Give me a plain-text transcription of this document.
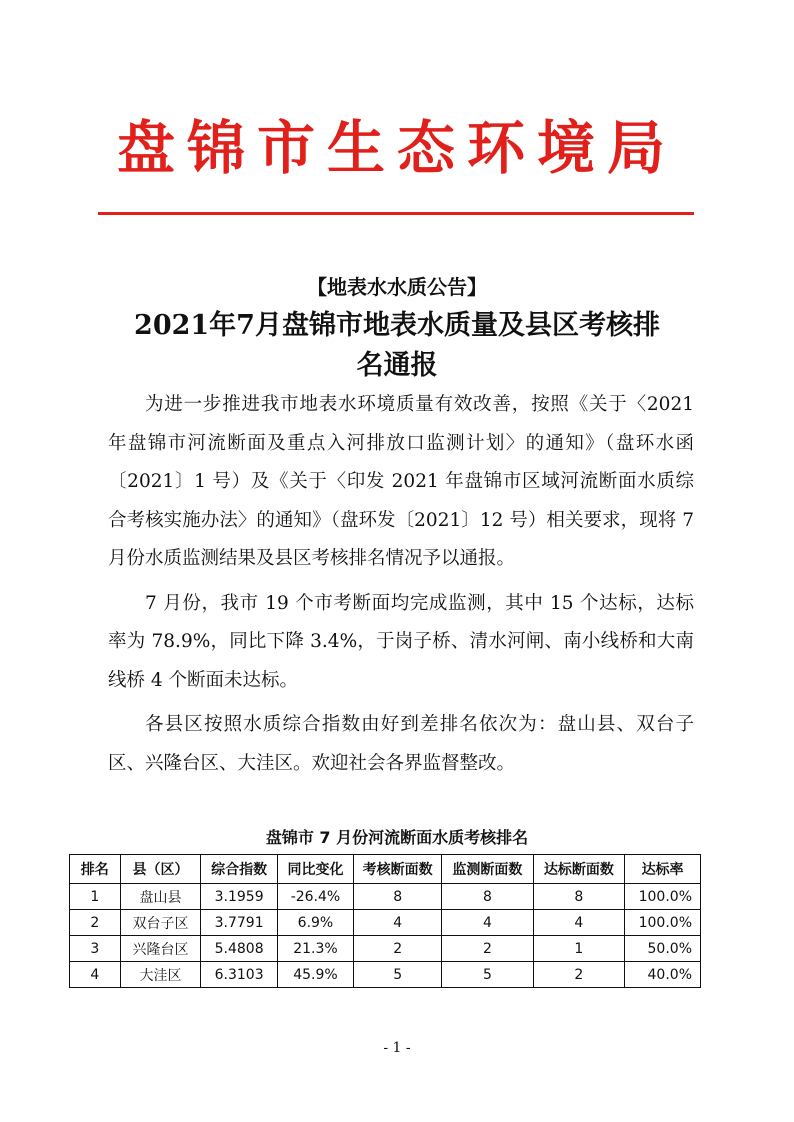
盘锦市生态环境局
【地表水水质公告】
2021年7月盘锦市地表水质量及县区考核排
名通报

为进一步推进我市地表水环境质量有效改善，按照《关于〈2021 年盘锦市河流断面及重点入河排放口监测计划〉的通知》（盘环水函〔2021〕1 号）及《关于〈印发 2021 年盘锦市区域河流断面水质综合考核实施办法〉的通知》（盘环发〔2021〕12 号）相关要求，现将 7 月份水质监测结果及县区考核排名情况予以通报。

7 月份，我市 19 个市考断面均完成监测，其中 15 个达标，达标率为 78.9%，同比下降 3.4%，于岗子桥、清水河闸、南小线桥和大南线桥 4 个断面未达标。

各县区按照水质综合指数由好到差排名依次为：盘山县、双台子区、兴隆台区、大洼区。欢迎社会各界监督整改。

盘锦市 7 月份河流断面水质考核排名
排名	县（区）	综合指数	同比变化	考核断面数	监测断面数	达标断面数	达标率
1	盘山县	3.1959	-26.4%	8	8	8	100.0%
2	双台子区	3.7791	6.9%	4	4	4	100.0%
3	兴隆台区	5.4808	21.3%	2	2	1	50.0%
4	大洼区	6.3103	45.9%	5	5	2	40.0%
- 1 -
